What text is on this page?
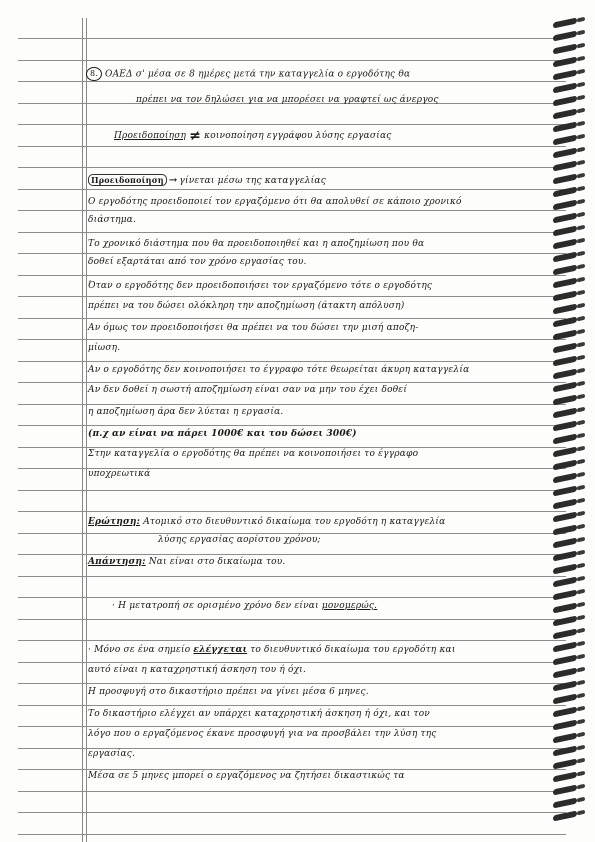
8. ΟΑΕΔ σ' μέσα σε 8 ημέρες μετά την καταγγελία ο εργοδότης θα
πρέπει να τον δηλώσει για να μπορέσει να γραφτεί ως άνεργος
Προειδοποίηση ≠ κοινοποίηση εγγράφου λύσης εργασίας
Προειδοποίηση → γίνεται μέσω της καταγγελίας
Ο εργοδότης προειδοποιεί τον εργαζόμενο ότι θα απολυθεί σε κάποιο χρονικό
διάστημα.
Το χρονικό διάστημα που θα προειδοποιηθεί και η αποζημίωση που θα
δοθεί εξαρτάται από τον χρόνο εργασίας του.
Όταν ο εργοδότης δεν προειδοποιήσει τον εργαζόμενο τότε ο εργοδότης
πρέπει να του δώσει ολόκληρη την αποζημίωση (άτακτη απόλυση)
Αν όμως τον προειδοποιήσει θα πρέπει να του δώσει την μισή αποζη-
μίωση.
Αν ο εργοδότης δεν κοινοποιήσει το έγγραφο τότε θεωρείται άκυρη καταγγελία
Αν δεν δοθεί η σωστή αποζημίωση είναι σαν να μην του έχει δοθεί
η αποζημίωση άρα δεν λύεται η εργασία.
(π.χ αν είναι να πάρει 1000€ και του δώσει 300€)
Στην καταγγελία ο εργοδότης θα πρέπει να κοινοποιήσει το έγγραφο
υποχρεωτικά
Ερώτηση: Ατομικό στο διευθυντικό δικαίωμα του εργοδότη η καταγγελία
λύσης εργασίας αορίστου χρόνου;
Απάντηση: Ναι είναι στο δικαίωμα του.
· Η μετατροπή σε ορισμένο χρόνο δεν είναι μονομερώς.
· Μόνο σε ένα σημείο ελέγχεται το διευθυντικό δικαίωμα του εργοδότη και
αυτό είναι η καταχρηστική άσκηση του ή όχι.
Η προσφυγή στο δικαστήριο πρέπει να γίνει μέσα 6 μηνες.
Το δικαστήριο ελέγχει αν υπάρχει καταχρηστική άσκηση ή όχι, και τον
λόγο που ο εργαζόμενος έκανε προσφυγή για να προσβάλει την λύση της
εργασίας.
Μέσα σε 5 μηνες μπορεί ο εργαζόμενος να ζητήσει δικαστικώς τα
